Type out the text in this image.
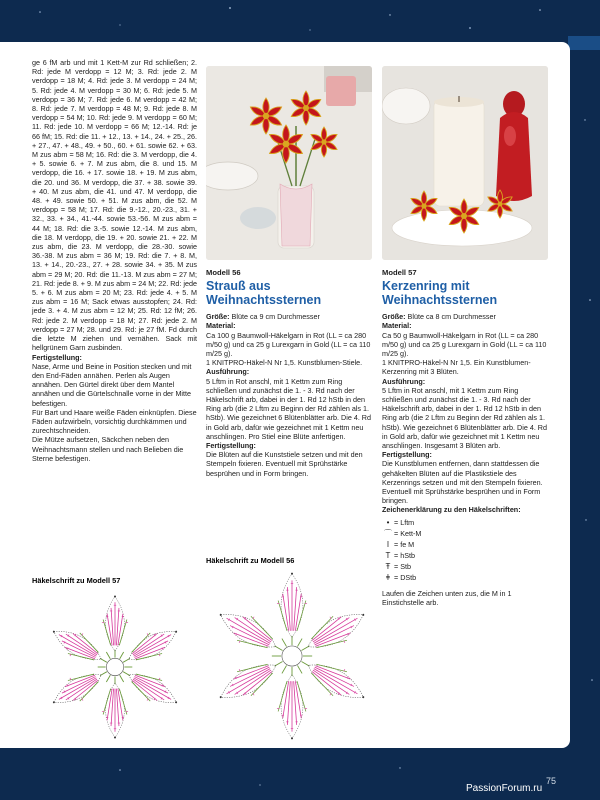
ge 6 fM arb und mit 1 Kett-M zur Rd schließen; 2. Rd: jede M verdopp = 12 M; 3. Rd: jede 2. M verdopp = 18 M; 4. Rd: jede 3. M verdopp = 24 M; 5. Rd: jede 4. M verdopp = 30 M; 6. Rd: jede 5. M verdopp = 36 M; 7. Rd: jede 6. M verdopp = 42 M; 8. Rd: jede 7. M verdopp = 48 M; 9. Rd: jede 8. M verdopp = 54 M; 10. Rd: jede 9. M verdopp = 60 M; 11. Rd: jede 10. M verdopp = 66 M; 12.-14. Rd: je 66 fM; 15. Rd: die 11. + 12., 13. + 14., 24. + 25., 26. + 27., 47. + 48., 49. + 50., 60. + 61. sowie 62. + 63. M zus abm = 58 M; 16. Rd: die 3. M verdopp, die 4. + 5. sowie 6. + 7. M zus abm, die 8. und 15. M verdopp, die 16. + 17. sowie 18. + 19. M zus abm, die 20. und 36. M verdopp, die 37. + 38. sowie 39. + 40. M zus abm, die 41. und 47. M verdopp, die 48. + 49. sowie 50. + 51. M zus abm, die 52. M verdopp = 58 M; 17. Rd: die 9.-12., 20.-23., 31. + 32., 33. + 34., 41.-44. sowie 53.-56. M zus abm = 44 M; 18. Rd: die 3.-5. sowie 12.-14. M zus abm, die 18. M verdopp, die 19. + 20. sowie 21. + 22. M zus abm, die 23. M verdopp, die 28.-30. sowie 36.-38. M zus abm = 36 M; 19. Rd: die 7. + 8. M, 13. + 14., 20.-23., 27. + 28. sowie 34. + 35. M zus abm = 29 M; 20. Rd: die 11.-13. M zus abm = 27 M; 21. Rd: jede 8. + 9. M zus abm = 24 M; 22. Rd: jede 5. + 6. M zus abm = 20 M; 23. Rd: jede 4. + 5. M zus abm = 16 M; Sack etwas ausstopfen; 24. Rd: jede 3. + 4. M zus abm = 12 M; 25. Rd: 12 fM; 26. Rd: jede 2. M verdopp = 18 M; 27. Rd: jede 2. M verdopp = 27 M; 28. und 29. Rd: je 27 fM. Fd durch die letzte M ziehen und vernähen. Sack mit hellgrünem Garn zusbinden.

Fertigstellung:

Nase, Arme und Beine in Position stecken und mit den End-Fäden annähen. Perlen als Augen annähen. Den Gürtel direkt über dem Mantel annähen und die Gürtelschnalle vorne in der Mitte befestigen.

Für Bart und Haare weiße Fäden einknüpfen. Diese Fäden aufzwirbeln, vorsichtig durchkämmen und zurechtschneiden.

Die Mütze aufsetzen, Säckchen neben den Weihnachtsmann stellen und nach Belieben die Sterne befestigen.

Häkelschrift zu Modell 57
Modell 56
Strauß aus
Weihnachtssternen

Größe: Blüte ca 9 cm Durchmesser

Material:

Ca 100 g Baumwoll-Häkelgarn in Rot (LL = ca 280 m/50 g) und ca 25 g Lurexgarn in Gold (LL = ca 110 m/25 g).

1 KNITPRO-Häkel-N Nr 1,5. Kunstblumen-Stiele.

Ausführung:

5 Lftm in Rot anschl, mit 1 Kettm zum Ring schließen und zunächst die 1. - 3. Rd nach der Häkelschrift arb, dabei in der 1. Rd 12 hStb in den Ring arb (die 2 Lftm zu Beginn der Rd zählen als 1. hStb). Wie gezeichnet 6 Blütenblätter arb. Die 4. Rd in Gold arb, dafür wie gezeichnet mit 1 Kettm neu anschlingen. Pro Stiel eine Blüte anfertigen.

Fertigstellung:

Die Blüten auf die Kunststiele setzen und mit den Stempeln fixieren. Eventuell mit Sprühstärke besprühen und in Form bringen.

Häkelschrift zu Modell 56
Modell 57
Kerzenring mit
Weihnachtssternen

Größe: Blüte ca 8 cm Durchmesser

Material:

Ca 50 g Baumwoll-Häkelgarn in Rot (LL = ca 280 m/50 g) und ca 25 g Lurexgarn in Gold (LL = ca 110 m/25 g).

1 KNITPRO-Häkel-N Nr 1,5. Ein Kunstblumen-Kerzenring mit 3 Blüten.

Ausführung:

5 Lftm in Rot anschl, mit 1 Kettm zum Ring schließen und zunächst die 1. - 3. Rd nach der Häkelschrift arb, dabei in der 1. Rd 12 hStb in den Ring arb (die 2 Lftm zu Beginn der Rd zählen als 1. hStb). Wie gezeichnet 6 Blütenblätter arb. Die 4. Rd in Gold arb, dafür wie gezeichnet mit 1 Kettm neu anschlingen. Insgesamt 3 Blüten arb.

Fertigstellung:

Die Kunstblumen entfernen, dann stattdessen die gehäkelten Blüten auf die Plastikstiele des Kerzenrings setzen und mit den Stempeln fixieren. Eventuell mit Sprühstärke besprühen und in Form bringen.

Zeichenerklärung zu den Häkelschriften:

• = Lftm
⌒ = Kett-M
I = fe M
T = hStb
Ŧ = Stb
ǂ = DStb

Laufen die Zeichen unten zus, die M in 1 Einstichstelle arb.

75
PassionForum.ru
